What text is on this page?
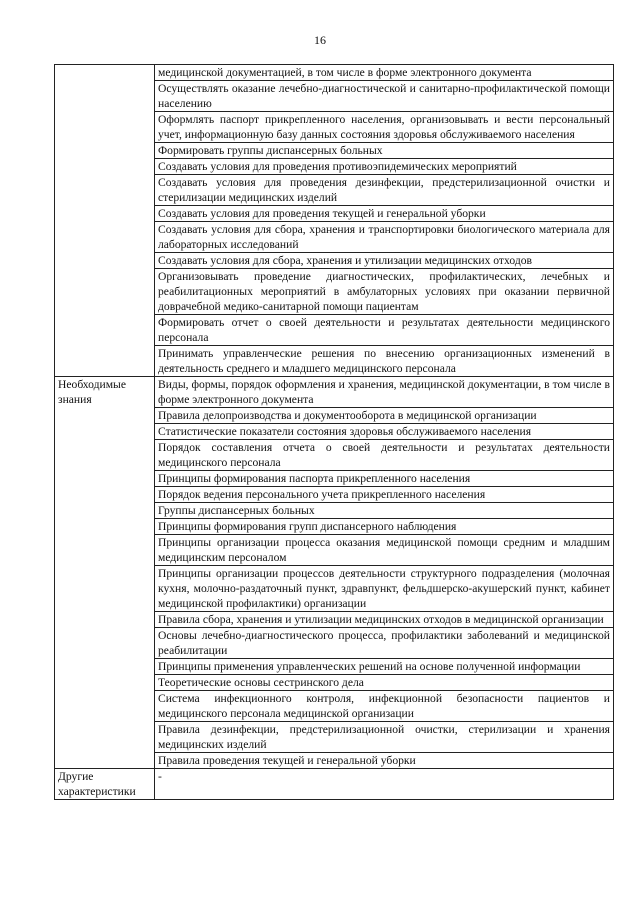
16
	медицинской документацией, в том числе в форме электронного документа
	Осуществлять оказание лечебно-диагностической и санитарно-профилактической помощи населению
	Оформлять паспорт прикрепленного населения, организовывать и вести персональный учет, информационную базу данных состояния здоровья обслуживаемого населения
	Формировать группы диспансерных больных
	Создавать условия для проведения противоэпидемических мероприятий
	Создавать условия для проведения дезинфекции, предстерилизационной очистки и стерилизации медицинских изделий
	Создавать условия для проведения текущей и генеральной уборки
	Создавать условия для сбора, хранения и транспортировки биологического материала для лабораторных исследований
	Создавать условия для сбора, хранения и утилизации медицинских отходов
	Организовывать проведение диагностических, профилактических, лечебных и реабилитационных мероприятий в амбулаторных условиях при оказании первичной доврачебной медико-санитарной помощи пациентам
	Формировать отчет о своей деятельности и результатах деятельности медицинского персонала
	Принимать управленческие решения по внесению организационных изменений в деятельность среднего и младшего медицинского персонала

Необходимые знания	Виды, формы, порядок оформления и хранения, медицинской документации, в том числе в форме электронного документа
	Правила делопроизводства и документооборота в медицинской организации
	Статистические показатели состояния здоровья обслуживаемого населения
	Порядок составления отчета о своей деятельности и результатах деятельности медицинского персонала
	Принципы формирования паспорта прикрепленного населения
	Порядок ведения персонального учета прикрепленного населения
	Группы диспансерных больных
	Принципы формирования групп диспансерного наблюдения
	Принципы организации процесса оказания медицинской помощи средним и младшим медицинским персоналом
	Принципы организации процессов деятельности структурного подразделения (молочная кухня, молочно-раздаточный пункт, здравпункт, фельдшерско-акушерский пункт, кабинет медицинской профилактики) организации
	Правила сбора, хранения и утилизации медицинских отходов в медицинской организации
	Основы лечебно-диагностического процесса, профилактики заболеваний и медицинской реабилитации
	Принципы применения управленческих решений на основе полученной информации
	Теоретические основы сестринского дела
	Система инфекционного контроля, инфекционной безопасности пациентов и медицинского персонала медицинской организации
	Правила дезинфекции, предстерилизационной очистки, стерилизации и хранения медицинских изделий
	Правила проведения текущей и генеральной уборки

Другие характеристики	-
